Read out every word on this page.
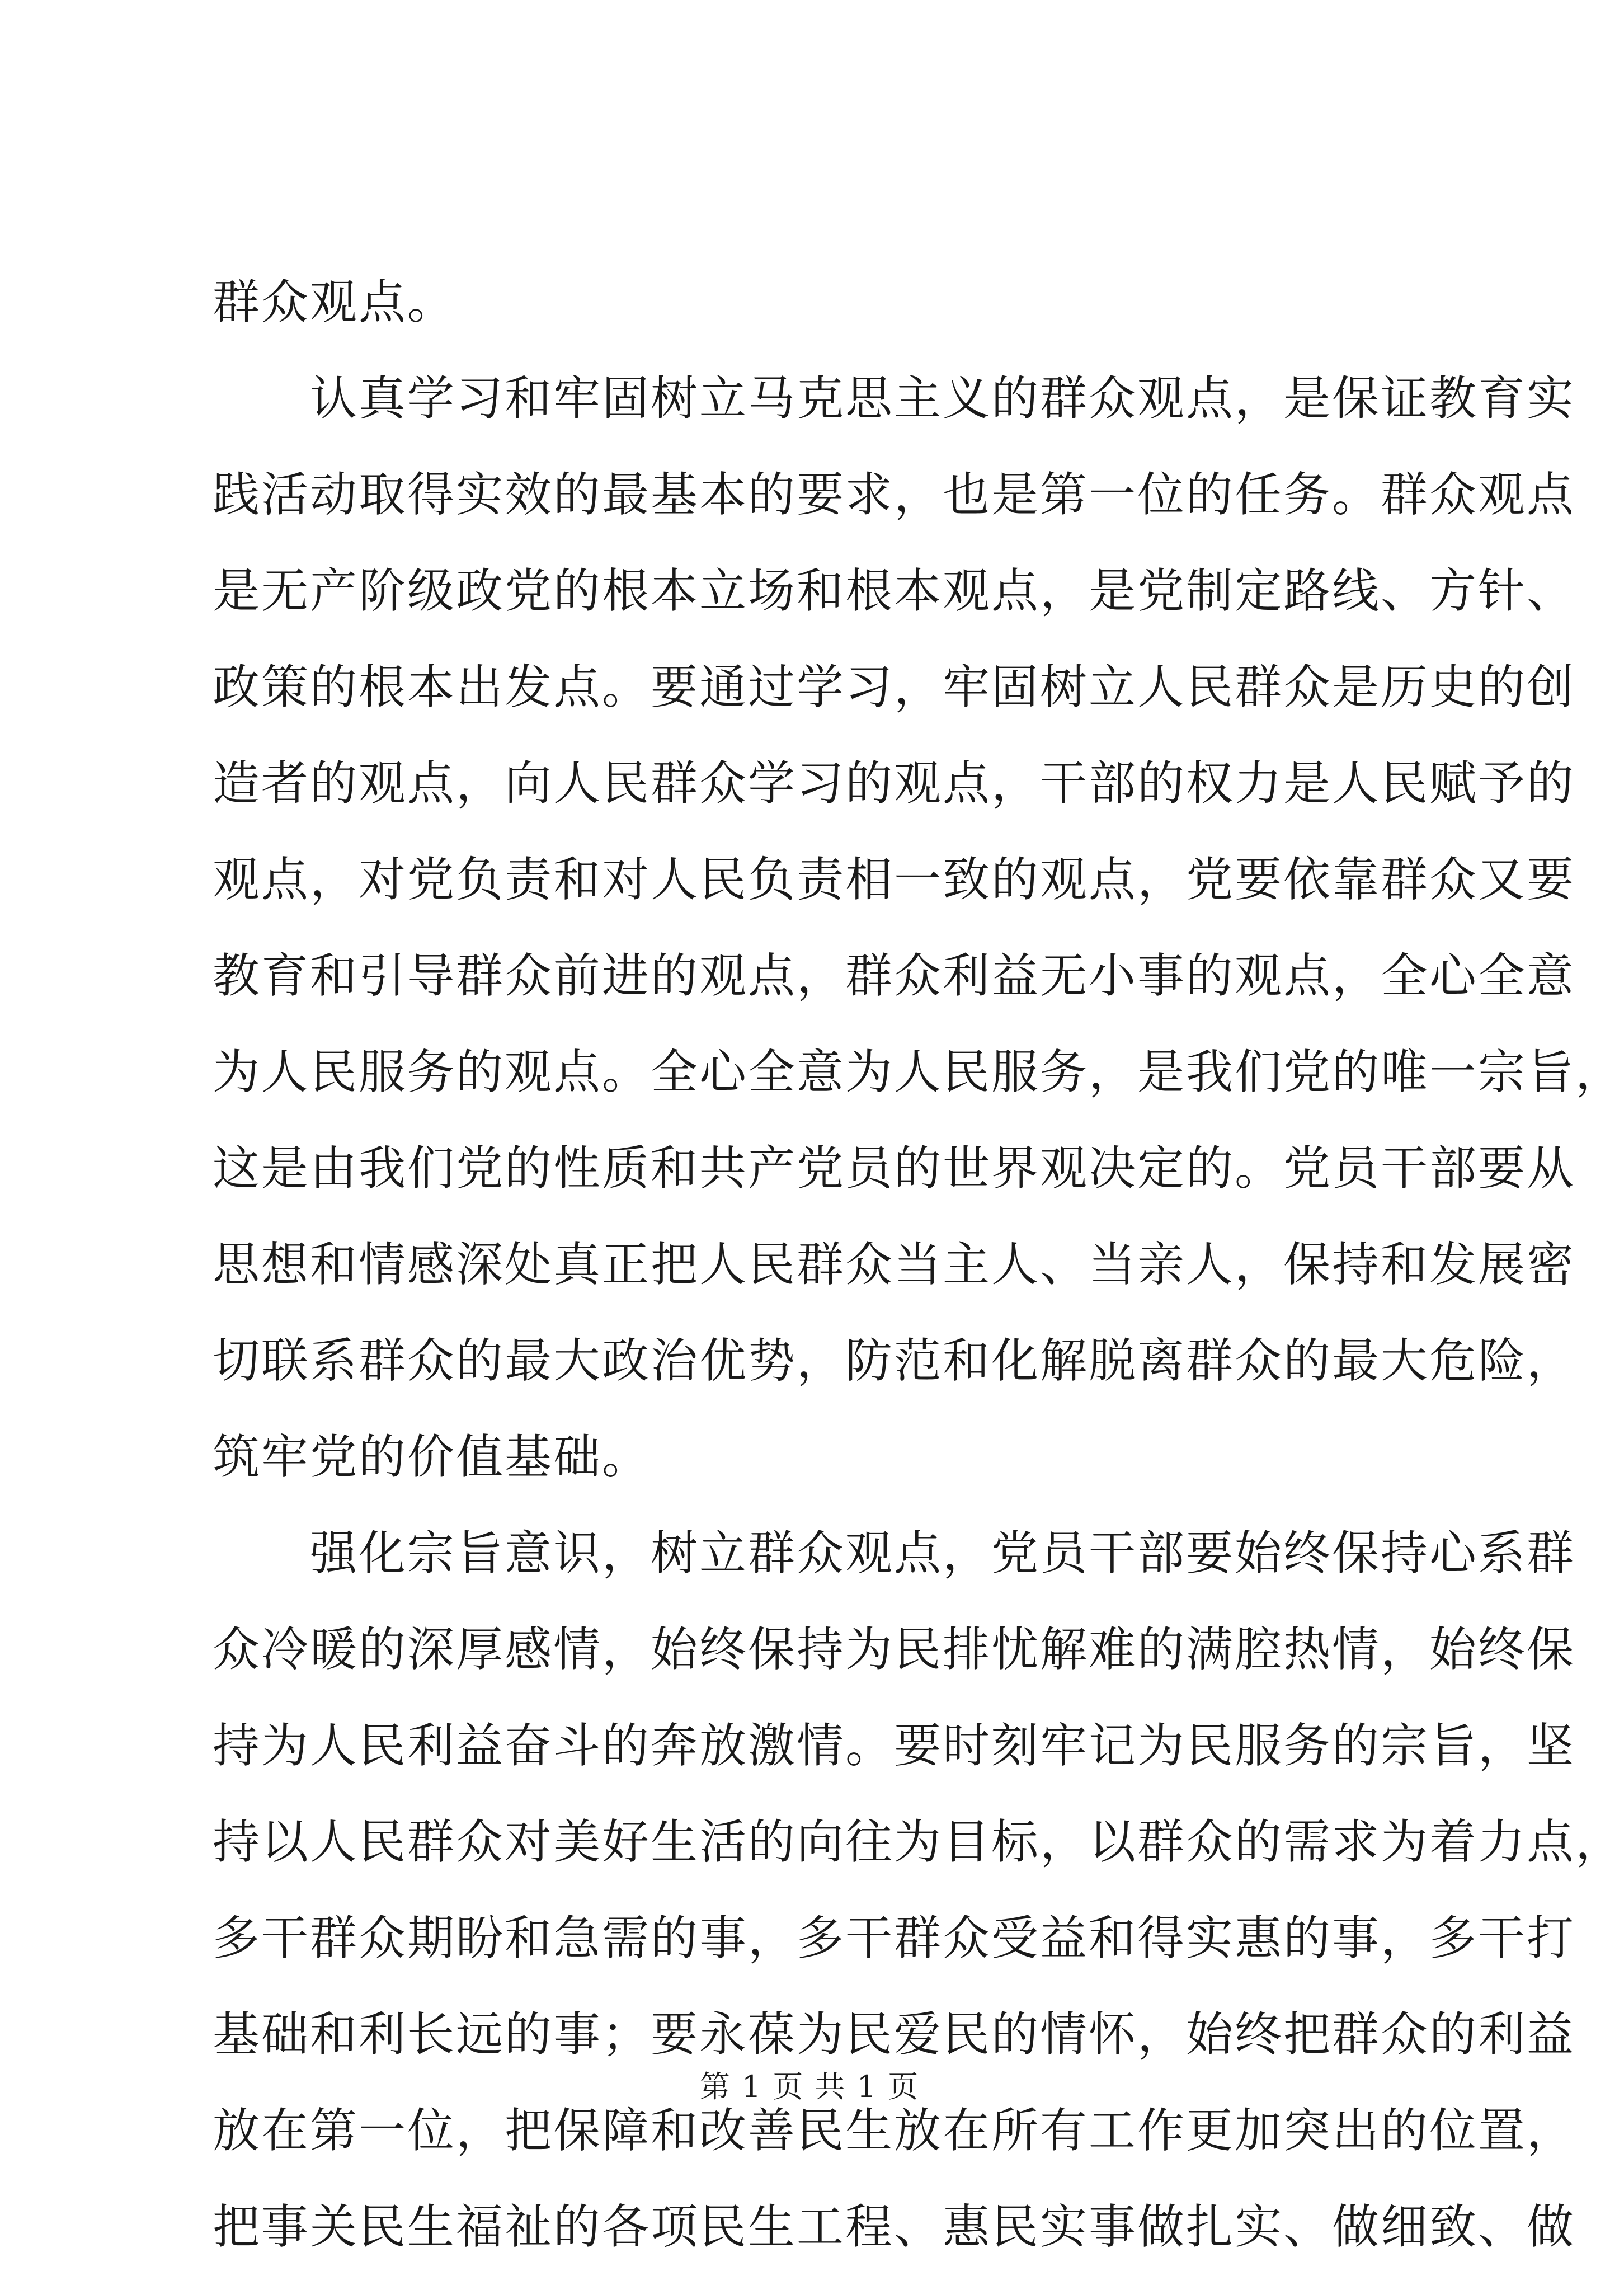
群众观点。
　　认真学习和牢固树立马克思主义的群众观点，是保证教育实
践活动取得实效的最基本的要求，也是第一位的任务。群众观点
是无产阶级政党的根本立场和根本观点，是党制定路线、方针、
政策的根本出发点。要通过学习，牢固树立人民群众是历史的创
造者的观点，向人民群众学习的观点，干部的权力是人民赋予的
观点，对党负责和对人民负责相一致的观点，党要依靠群众又要
教育和引导群众前进的观点，群众利益无小事的观点，全心全意
为人民服务的观点。全心全意为人民服务，是我们党的唯一宗旨，
这是由我们党的性质和共产党员的世界观决定的。党员干部要从
思想和情感深处真正把人民群众当主人、当亲人，保持和发展密
切联系群众的最大政治优势，防范和化解脱离群众的最大危险，
筑牢党的价值基础。
　　强化宗旨意识，树立群众观点，党员干部要始终保持心系群
众冷暖的深厚感情，始终保持为民排忧解难的满腔热情，始终保
持为人民利益奋斗的奔放激情。要时刻牢记为民服务的宗旨，坚
持以人民群众对美好生活的向往为目标，以群众的需求为着力点，
多干群众期盼和急需的事，多干群众受益和得实惠的事，多干打
基础和利长远的事；要永葆为民爱民的情怀，始终把群众的利益
放在第一位，把保障和改善民生放在所有工作更加突出的位置，
把事关民生福祉的各项民生工程、惠民实事做扎实、做细致、做
第 1 页 共 1 页
